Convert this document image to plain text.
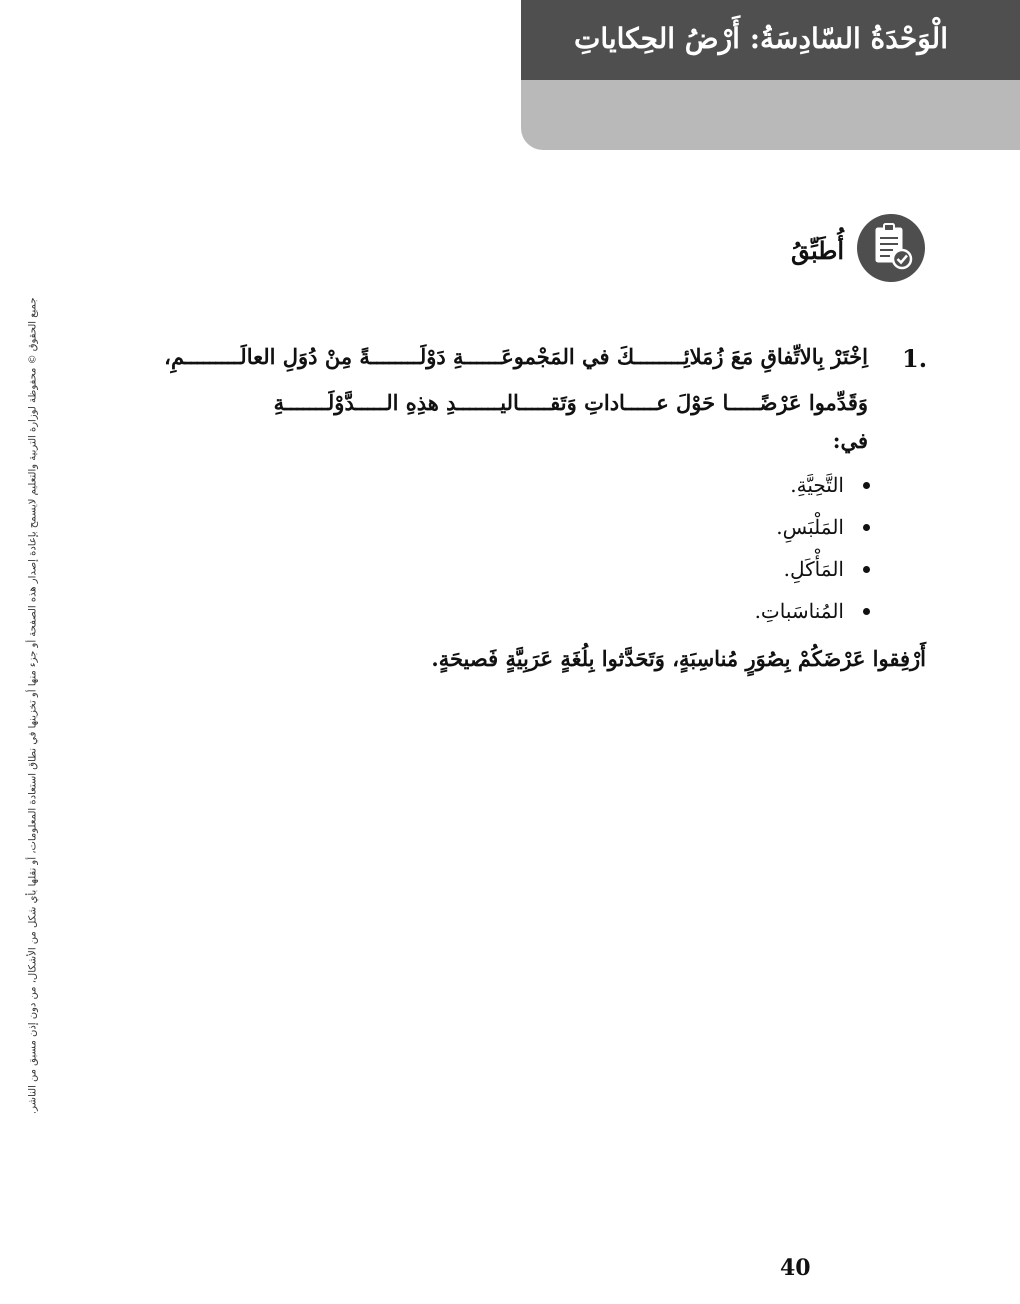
الْوَحْدَةُ السّادِسَةُ: أَرْضُ الحِكاياتِ
التَّرْبِيَةُ الوَطَنِيَّةُ: عاداتُ الشُّعوبِ
أُطَبِّقُ
1.
اِخْتَرْ بِالاتِّفاقِ مَعَ زُمَلائِــــــــكَ في المَجْموعَــــــةِ دَوْلَــــــــةً مِنْ دُوَلِ العالَـــــــــمِ،
وَقَدِّموا عَرْضًـــــا حَوْلَ عـــــاداتِ وَتَقـــــاليـــــــدِ هذِهِ الـــــدَّوْلَـــــــةِ
في:
التَّحِيَّةِ.
المَلْبَسِ.
المَأْكَلِ.
المُناسَباتِ.
أَرْفِقوا عَرْضَكُمْ بِصُوَرٍ مُناسِبَةٍ، وَتَحَدَّثوا بِلُغَةٍ عَرَبِيَّةٍ فَصيحَةٍ.
جميع الحقوق © محفوظة لوزارة التربية والتعليم لايسمح بإعادة إصدار هذه الصفحة أو جزء منها أو تخزينها في نطاق استعادة المعلومات، أو نقلها بأي شكل من الأشكال، من دون إذن مسبق من الناشر.
40
